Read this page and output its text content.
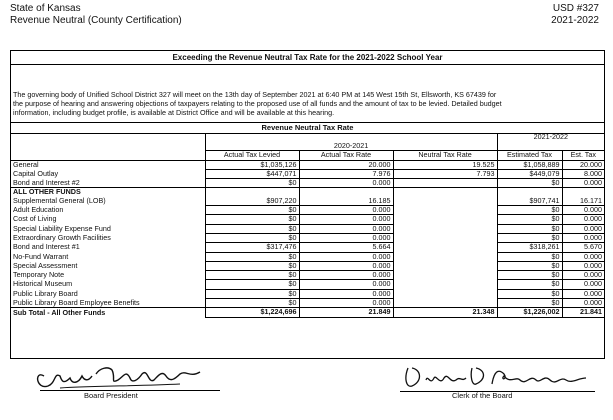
State of Kansas
Revenue Neutral (County Certification)
USD #327
2021-2022
Exceeding the Revenue Neutral Tax Rate for the 2021-2022 School Year
The governing body of Unified School District 327 will meet on the 13th day of September 2021 at 6:40 PM at 145 West 15th St, Ellsworth, KS 67439 for
the purpose of hearing and answering objections of taxpayers relating to the proposed use of all funds and the amount of tax to be levied. Detailed budget
information, including budget profile, is available at District Office and will be available at this hearing.
Revenue Neutral Tax Rate
				2021-2022	
	2020-2021				
	Actual Tax Levied	Actual Tax Rate	Neutral Tax Rate	Estimated Tax	Est. Tax
General	$1,035,126	20.000	19.525	$1,058,889	20.000
Capital Outlay	$447,071	7.976	7.793	$449,079	8.000
Bond and Interest #2	$0	0.000		$0	0.000
ALL OTHER FUNDS					
Supplemental General (LOB)	$907,220	16.185		$907,741	16.171
Adult Education	$0	0.000		$0	0.000
Cost of Living	$0	0.000		$0	0.000
Special Liability Expense Fund	$0	0.000		$0	0.000
Extraordinary Growth Facilities	$0	0.000		$0	0.000
Bond and Interest #1	$317,476	5.664		$318,261	5.670
No-Fund Warrant	$0	0.000		$0	0.000
Special Assessment	$0	0.000		$0	0.000
Temporary Note	$0	0.000		$0	0.000
Historical Museum	$0	0.000		$0	0.000
Public Library Board	$0	0.000		$0	0.000
Public Library Board Employee Benefits	$0	0.000		$0	0.000
Sub Total - All Other Funds	$1,224,696	21.849	21.348	$1,226,002	21.841
Board President	Clerk of the Board
